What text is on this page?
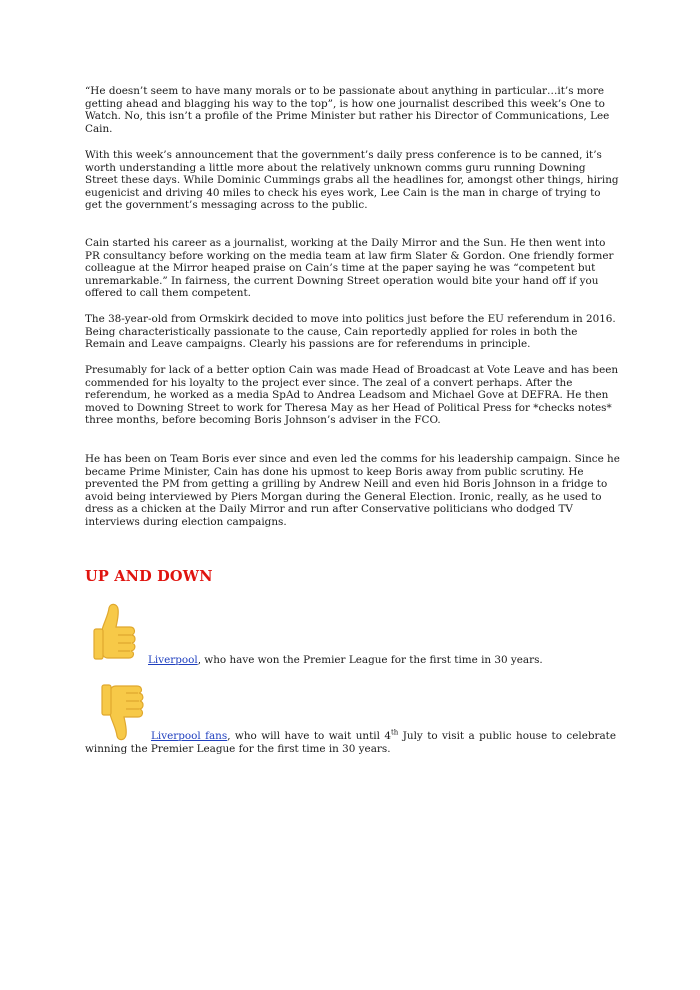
“He doesn’t seem to have many morals or to be passionate about anything in particular…it’s more getting ahead and blagging his way to the top”, is how one journalist described this week’s One to Watch. No, this isn’t a profile of the Prime Minister but rather his Director of Communications, Lee Cain.

With this week’s announcement that the government’s daily press conference is to be canned, it’s worth understanding a little more about the relatively unknown comms guru running Downing Street these days. While Dominic Cummings grabs all the headlines for, amongst other things, hiring eugenicist and driving 40 miles to check his eyes work, Lee Cain is the man in charge of trying to get the government’s messaging across to the public.

Cain started his career as a journalist, working at the Daily Mirror and the Sun. He then went into PR consultancy before working on the media team at law firm Slater & Gordon. One friendly former colleague at the Mirror heaped praise on Cain’s time at the paper saying he was “competent but unremarkable.” In fairness, the current Downing Street operation would bite your hand off if you offered to call them competent.

The 38-year-old from Ormskirk decided to move into politics just before the EU referendum in 2016. Being characteristically passionate to the cause, Cain reportedly applied for roles in both the Remain and Leave campaigns. Clearly his passions are for referendums in principle.

Presumably for lack of a better option Cain was made Head of Broadcast at Vote Leave and has been commended for his loyalty to the project ever since. The zeal of a convert perhaps. After the referendum, he worked as a media SpAd to Andrea Leadsom and Michael Gove at DEFRA. He then moved to Downing Street to work for Theresa May as her Head of Political Press for *checks notes* three months, before becoming Boris Johnson’s adviser in the FCO.

He has been on Team Boris ever since and even led the comms for his leadership campaign. Since he became Prime Minister, Cain has done his upmost to keep Boris away from public scrutiny. He prevented the PM from getting a grilling by Andrew Neill and even hid Boris Johnson in a fridge to avoid being interviewed by Piers Morgan during the General Election. Ironic, really, as he used to dress as a chicken at the Daily Mirror and run after Conservative politicians who dodged TV interviews during election campaigns.

UP AND DOWN
Liverpool, who have won the Premier League for the first time in 30 years.
Liverpool fans, who will have to wait until 4th July to visit a public house to celebrate winning the Premier League for the first time in 30 years.
